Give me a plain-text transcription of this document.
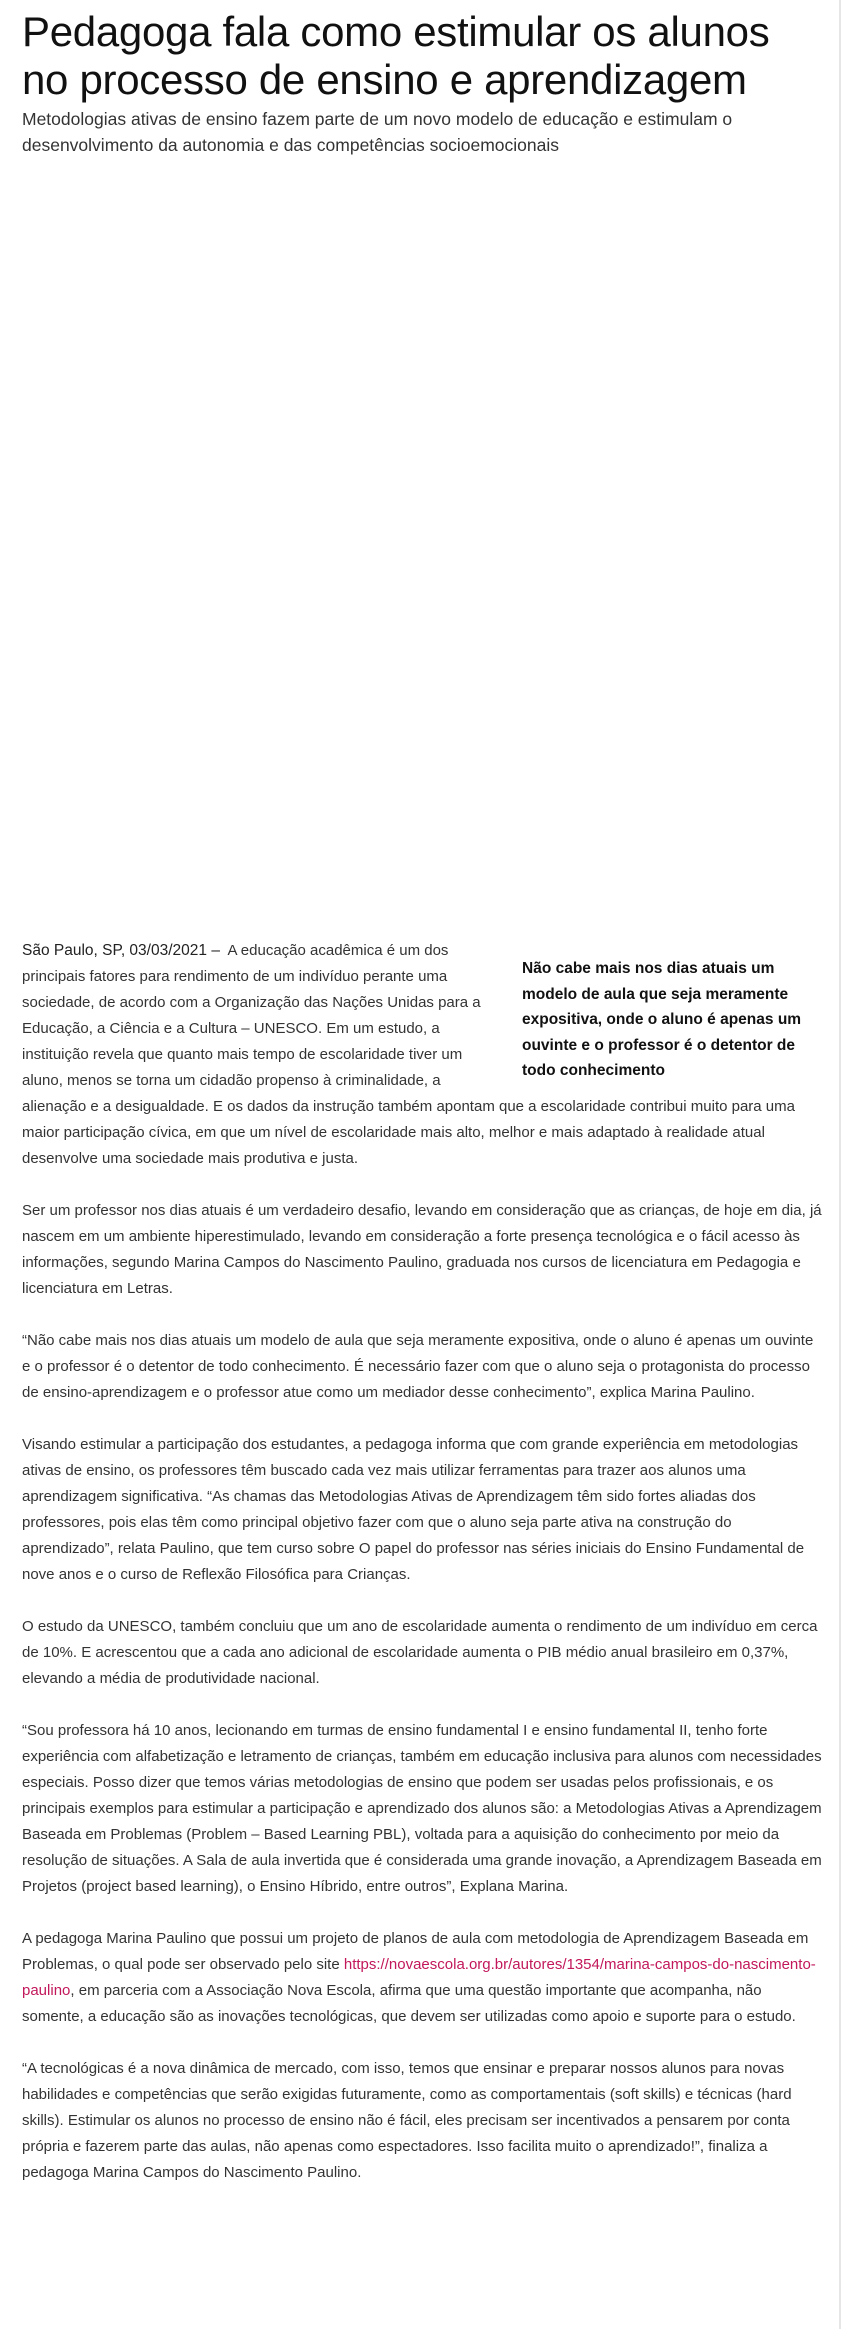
Pedagoga fala como estimular os alunos no processo de ensino e aprendizagem

Metodologias ativas de ensino fazem parte de um novo modelo de educação e estimulam o desenvolvimento da autonomia e das competências socioemocionais

Não cabe mais nos dias atuais um modelo de aula que seja meramente expositiva, onde o aluno é apenas um ouvinte e o professor é o detentor de todo conhecimento
São Paulo, SP, 03/03/2021 – A educação acadêmica é um dos principais fatores para rendimento de um indivíduo perante uma sociedade, de acordo com a Organização das Nações Unidas para a Educação, a Ciência e a Cultura – UNESCO. Em um estudo, a instituição revela que quanto mais tempo de escolaridade tiver um aluno, menos se torna um cidadão propenso à criminalidade, a alienação e a desigualdade. E os dados da instrução também apontam que a escolaridade contribui muito para uma maior participação cívica, em que um nível de escolaridade mais alto, melhor e mais adaptado à realidade atual desenvolve uma sociedade mais produtiva e justa.

Ser um professor nos dias atuais é um verdadeiro desafio, levando em consideração que as crianças, de hoje em dia, já nascem em um ambiente hiperestimulado, levando em consideração a forte presença tecnológica e o fácil acesso às informações, segundo Marina Campos do Nascimento Paulino, graduada nos cursos de licenciatura em Pedagogia e licenciatura em Letras.

“Não cabe mais nos dias atuais um modelo de aula que seja meramente expositiva, onde o aluno é apenas um ouvinte e o professor é o detentor de todo conhecimento. É necessário fazer com que o aluno seja o protagonista do processo de ensino-aprendizagem e o professor atue como um mediador desse conhecimento”, explica Marina Paulino.

Visando estimular a participação dos estudantes, a pedagoga informa que com grande experiência em metodologias ativas de ensino, os professores têm buscado cada vez mais utilizar ferramentas para trazer aos alunos uma aprendizagem significativa. “As chamas das Metodologias Ativas de Aprendizagem têm sido fortes aliadas dos professores, pois elas têm como principal objetivo fazer com que o aluno seja parte ativa na construção do aprendizado”, relata Paulino, que tem curso sobre O papel do professor nas séries iniciais do Ensino Fundamental de nove anos e o curso de Reflexão Filosófica para Crianças.

O estudo da UNESCO, também concluiu que um ano de escolaridade aumenta o rendimento de um indivíduo em cerca de 10%. E acrescentou que a cada ano adicional de escolaridade aumenta o PIB médio anual brasileiro em 0,37%, elevando a média de produtividade nacional.

“Sou professora há 10 anos, lecionando em turmas de ensino fundamental I e ensino fundamental II, tenho forte experiência com alfabetização e letramento de crianças, também em educação inclusiva para alunos com necessidades especiais. Posso dizer que temos várias metodologias de ensino que podem ser usadas pelos profissionais, e os principais exemplos para estimular a participação e aprendizado dos alunos são: a Metodologias Ativas a Aprendizagem Baseada em Problemas (Problem – Based Learning PBL), voltada para a aquisição do conhecimento por meio da resolução de situações. A Sala de aula invertida que é considerada uma grande inovação, a Aprendizagem Baseada em Projetos (project based learning), o Ensino Híbrido, entre outros”, Explana Marina.

A pedagoga Marina Paulino que possui um projeto de planos de aula com metodologia de Aprendizagem Baseada em Problemas, o qual pode ser observado pelo site https://novaescola.org.br/autores/1354/marina-campos-do-nascimento-paulino, em parceria com a Associação Nova Escola, afirma que uma questão importante que acompanha, não somente, a educação são as inovações tecnológicas, que devem ser utilizadas como apoio e suporte para o estudo.

“A tecnológicas é a nova dinâmica de mercado, com isso, temos que ensinar e preparar nossos alunos para novas habilidades e competências que serão exigidas futuramente, como as comportamentais (soft skills) e técnicas (hard skills). Estimular os alunos no processo de ensino não é fácil, eles precisam ser incentivados a pensarem por conta própria e fazerem parte das aulas, não apenas como espectadores. Isso facilita muito o aprendizado!”, finaliza a pedagoga Marina Campos do Nascimento Paulino.
